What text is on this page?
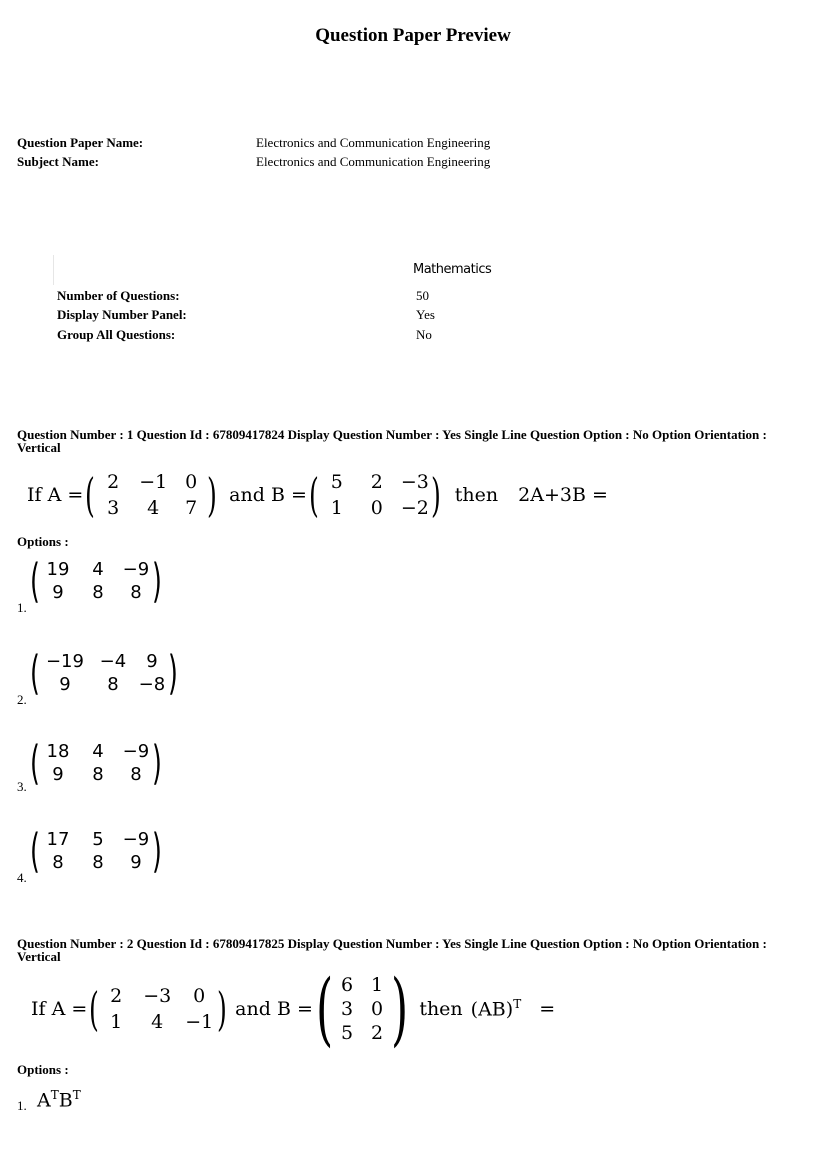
Question Paper Preview
Question Paper Name:	Electronics and Communication Engineering
Subject Name:	Electronics and Communication Engineering
Mathematics
Number of Questions:	50
Display Number Panel:	Yes
Group All Questions:	No
Question Number : 1 Question Id : 67809417824 Display Question Number : Yes Single Line Question Option : No Option Orientation : Vertical
If A = ( 2 −1 0
3 4 7 ) and B = ( 5 2 −3
1 0 −2 ) then 2A+3B =
Options :
( 19 4 −9
9 8 8 )
1.
( −19 −4 9
9 8 −8 )
2.
( 18 4 −9
9 8 8 )
3.
( 17 5 −9
8 8 9 )
4.
Question Number : 2 Question Id : 67809417825 Display Question Number : Yes Single Line Question Option : No Option Orientation : Vertical
If A = ( 2 −3 0
1 4 −1 ) and B = ( 6 1
3 0
5 2 ) then (AB)$^T$ =
Options :
1. $A^TB^T$
